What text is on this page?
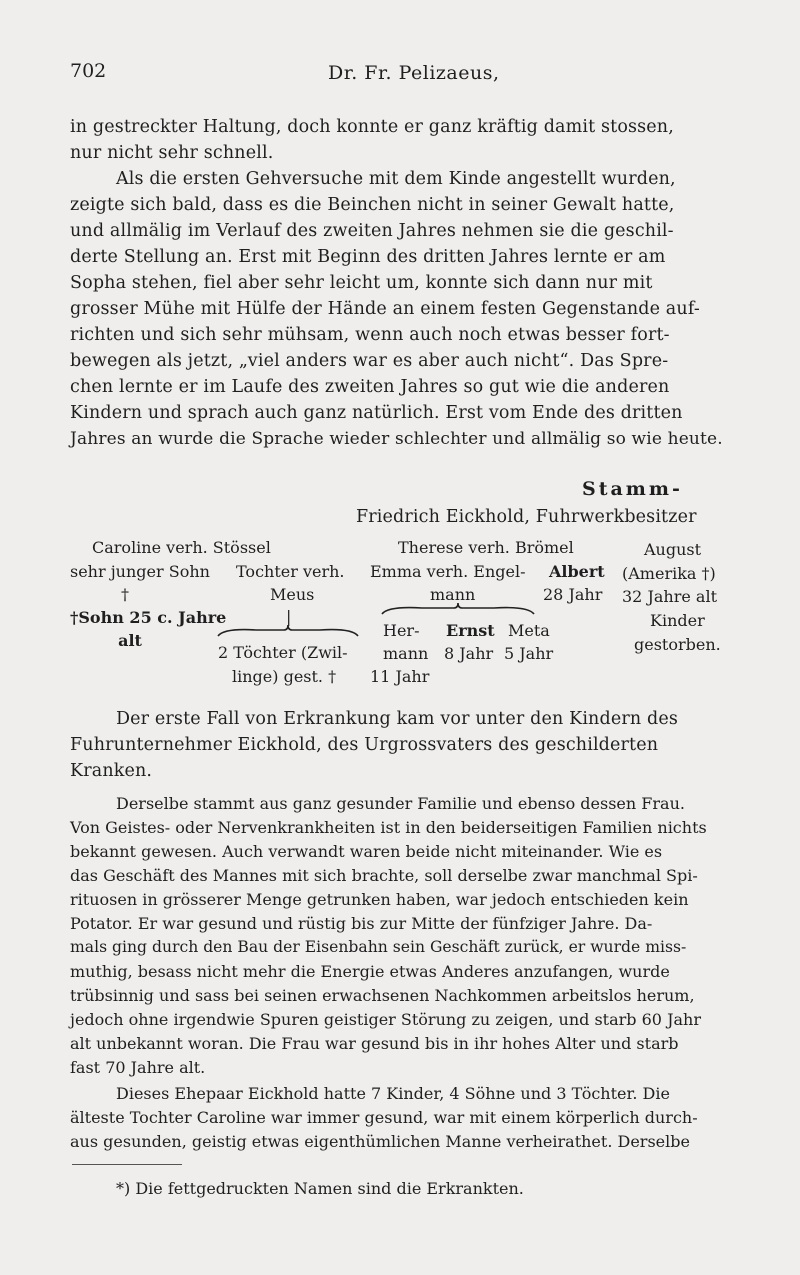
702	Dr. Fr. Pelizaeus,
in gestreckter Haltung, doch konnte er ganz kräftig damit stossen,
nur nicht sehr schnell.
Als die ersten Gehversuche mit dem Kinde angestellt wurden,
zeigte sich bald, dass es die Beinchen nicht in seiner Gewalt hatte,
und allmälig im Verlauf des zweiten Jahres nehmen sie die geschil-
derte Stellung an. Erst mit Beginn des dritten Jahres lernte er am
Sopha stehen, fiel aber sehr leicht um, konnte sich dann nur mit
grosser Mühe mit Hülfe der Hände an einem festen Gegenstande auf-
richten und sich sehr mühsam, wenn auch noch etwas besser fort-
bewegen als jetzt, „viel anders war es aber auch nicht“. Das Spre-
chen lernte er im Laufe des zweiten Jahres so gut wie die anderen
Kindern und sprach auch ganz natürlich. Erst vom Ende des dritten
Jahres an wurde die Sprache wieder schlechter und allmälig so wie heute.
Stamm-
Friedrich Eickhold, Fuhrwerkbesitzer
Caroline verh. Stössel
sehr junger Sohn
†
†Sohn 25 c. Jahre
alt
Tochter verh.
Meus
|
2 Töchter (Zwil-
linge) gest. †
Therese verh. Brömel
Emma verh. Engel-
mann
Her-
mann
11 Jahr
Ernst
8 Jahr
Meta
5 Jahr
Albert
28 Jahr
August
(Amerika †)
32 Jahre alt
Kinder
gestorben.
Der erste Fall von Erkrankung kam vor unter den Kindern des
Fuhrunternehmer Eickhold, des Urgrossvaters des geschilderten
Kranken.
Derselbe stammt aus ganz gesunder Familie und ebenso dessen Frau.
Von Geistes- oder Nervenkrankheiten ist in den beiderseitigen Familien nichts
bekannt gewesen. Auch verwandt waren beide nicht miteinander. Wie es
das Geschäft des Mannes mit sich brachte, soll derselbe zwar manchmal Spi-
rituosen in grösserer Menge getrunken haben, war jedoch entschieden kein
Potator. Er war gesund und rüstig bis zur Mitte der fünfziger Jahre. Da-
mals ging durch den Bau der Eisenbahn sein Geschäft zurück, er wurde miss-
muthig, besass nicht mehr die Energie etwas Anderes anzufangen, wurde
trübsinnig und sass bei seinen erwachsenen Nachkommen arbeitslos herum,
jedoch ohne irgendwie Spuren geistiger Störung zu zeigen, und starb 60 Jahr
alt unbekannt woran. Die Frau war gesund bis in ihr hohes Alter und starb
fast 70 Jahre alt.
Dieses Ehepaar Eickhold hatte 7 Kinder, 4 Söhne und 3 Töchter. Die
älteste Tochter Caroline war immer gesund, war mit einem körperlich durch-
aus gesunden, geistig etwas eigenthümlichen Manne verheirathet. Derselbe
*) Die fettgedruckten Namen sind die Erkrankten.
